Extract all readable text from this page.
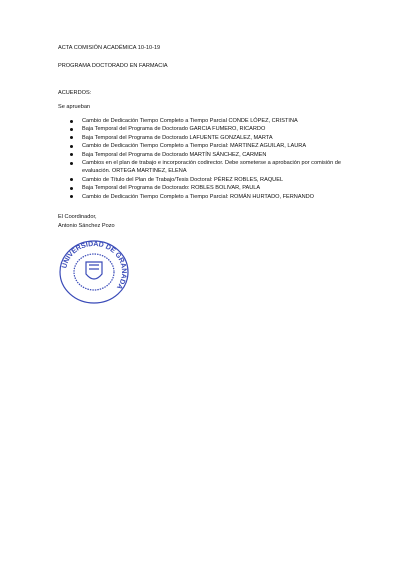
ACTA COMISIÓN ACADÉMICA 10-10-19
PROGRAMA DOCTORADO EN FARMACIA
ACUERDOS:
Se aprueban
Cambio de Dedicación Tiempo Completo a Tiempo Parcial CONDE LÓPEZ, CRISTINA
Baja Temporal del Programa de Doctorado GARCIA FUMERO, RICARDO
Baja Temporal del Programa de Doctorado LAFUENTE GONZALEZ, MARTA
Cambio de Dedicación Tiempo Completo a Tiempo Parcial: MARTINEZ AGUILAR, LAURA
Baja Temporal del Programa de Doctorado MARTÍN SÁNCHEZ, CARMEN
Cambios en el plan de trabajo e incorporación codirector. Debe someterse a aprobación por comisión de evaluación. ORTEGA MARTINEZ, ELENA
Cambio de Título del Plan de Trabajo/Tesis Doctoral: PÉREZ ROBLES, RAQUEL
Baja Temporal del Programa de Doctorado: ROBLES BOLIVAR, PAULA
Cambio de Dedicación Tiempo Completo a Tiempo Parcial: ROMÁN HURTADO, FERNANDO
El Coordinador,
Antonio Sánchez Pozo
UNIVERSIDAD DE GRANADA
